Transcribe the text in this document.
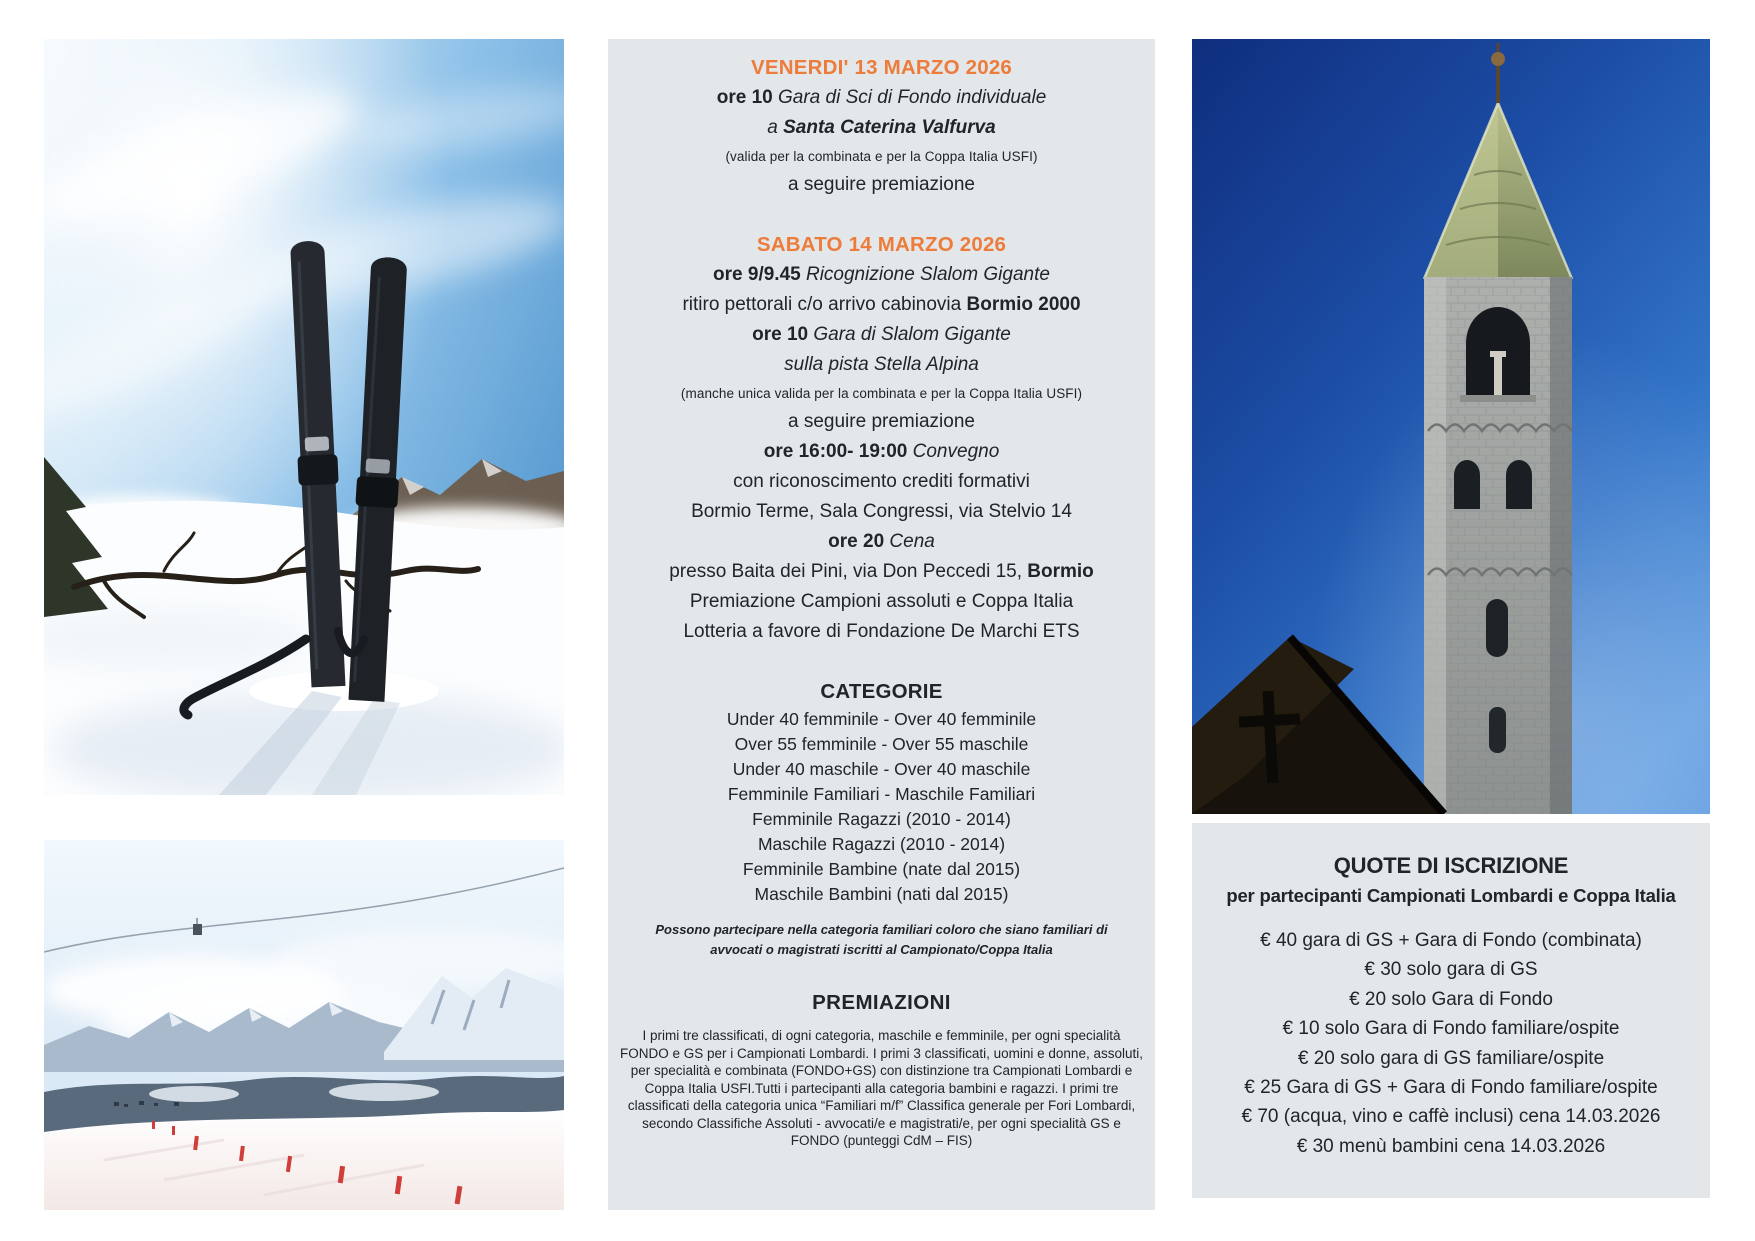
VENERDI' 13 MARZO 2026
ore 10 Gara di Sci di Fondo individuale
a Santa Caterina Valfurva
(valida per la combinata e per la Coppa Italia USFI)
a seguire premiazione
SABATO 14 MARZO 2026
ore 9/9.45 Ricognizione Slalom Gigante
ritiro pettorali c/o arrivo cabinovia Bormio 2000
ore 10 Gara di Slalom Gigante
sulla pista Stella Alpina
(manche unica valida per la combinata e per la Coppa Italia USFI)
a seguire premiazione
ore 16:00- 19:00 Convegno
con riconoscimento crediti formativi
Bormio Terme, Sala Congressi, via Stelvio 14
ore 20 Cena
presso Baita dei Pini, via Don Peccedi 15, Bormio
Premiazione Campioni assoluti e Coppa Italia
Lotteria a favore di Fondazione De Marchi ETS
CATEGORIE
Under 40 femminile - Over 40 femminile
Over 55 femminile - Over 55 maschile
Under 40 maschile - Over 40 maschile
Femminile Familiari - Maschile Familiari
Femminile Ragazzi (2010 - 2014)
Maschile Ragazzi (2010 - 2014)
Femminile Bambine (nate dal 2015)
Maschile Bambini (nati dal 2015)
Possono partecipare nella categoria familiari coloro che siano familiari di avvocati o magistrati iscritti al Campionato/Coppa Italia
PREMIAZIONI
I primi tre classificati, di ogni categoria, maschile e femminile, per ogni specialità FONDO e GS per i Campionati Lombardi. I primi 3 classificati, uomini e donne, assoluti, per specialità e combinata (FONDO+GS) con distinzione tra Campionati Lombardi e Coppa Italia USFI.Tutti i partecipanti alla categoria bambini e ragazzi. I primi tre classificati della categoria unica “Familiari m/f” Classifica generale per Fori Lombardi, secondo Classifiche Assoluti - avvocati/e e magistrati/e, per ogni specialità GS e FONDO (punteggi CdM – FIS)
QUOTE DI ISCRIZIONE
per partecipanti Campionati Lombardi e Coppa Italia
€ 40 gara di GS + Gara di Fondo (combinata)
€ 30 solo gara di GS
€ 20 solo Gara di Fondo
€ 10 solo Gara di Fondo familiare/ospite
€ 20 solo gara di GS familiare/ospite
€ 25 Gara di GS + Gara di Fondo familiare/ospite
€ 70 (acqua, vino e caffè inclusi) cena 14.03.2026
€ 30 menù bambini cena 14.03.2026
